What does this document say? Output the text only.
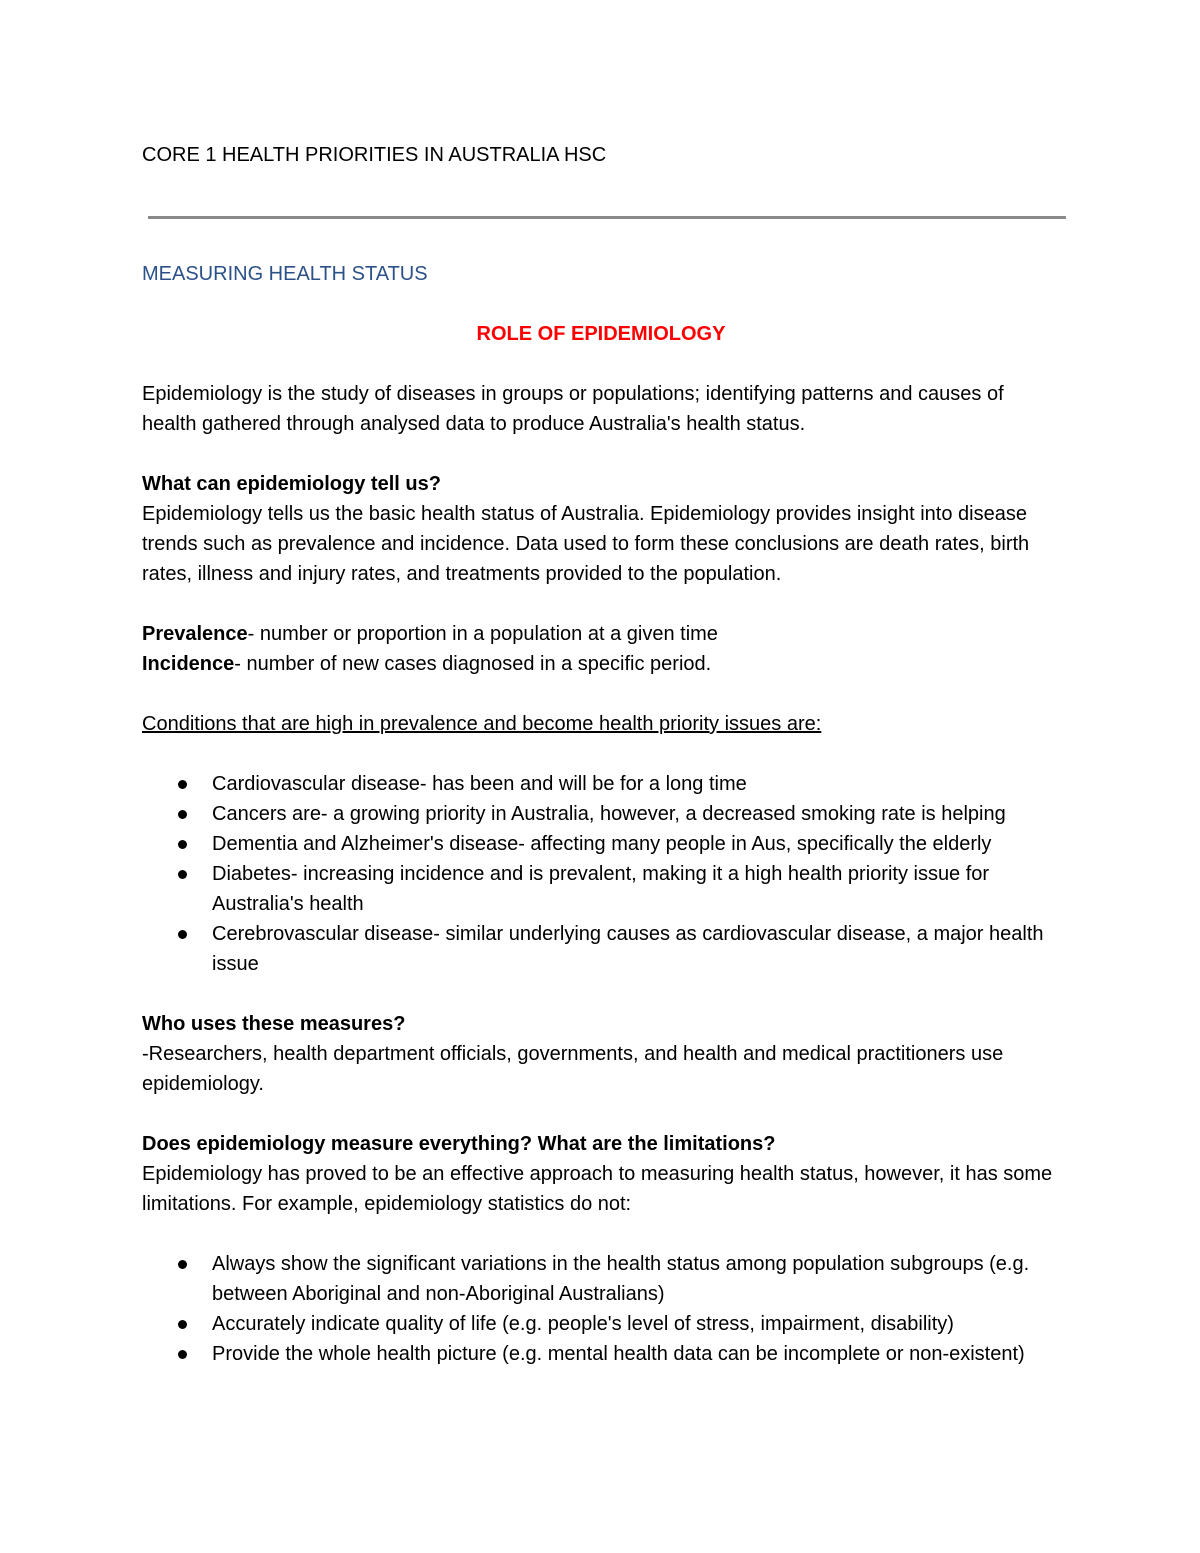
CORE 1 HEALTH PRIORITIES IN AUSTRALIA HSC
MEASURING HEALTH STATUS
ROLE OF EPIDEMIOLOGY

Epidemiology is the study of diseases in groups or populations; identifying patterns and causes of health gathered through analysed data to produce Australia's health status.

What can epidemiology tell us?

Epidemiology tells us the basic health status of Australia. Epidemiology provides insight into disease trends such as prevalence and incidence. Data used to form these conclusions are death rates, birth rates, illness and injury rates, and treatments provided to the population.

Prevalence- number or proportion in a population at a given time

Incidence- number of new cases diagnosed in a specific period.

Conditions that are high in prevalence and become health priority issues are:

Cardiovascular disease- has been and will be for a long time
Cancers are- a growing priority in Australia, however, a decreased smoking rate is helping
Dementia and Alzheimer's disease- affecting many people in Aus, specifically the elderly
Diabetes- increasing incidence and is prevalent, making it a high health priority issue for Australia's health
Cerebrovascular disease- similar underlying causes as cardiovascular disease, a major health issue

Who uses these measures?

-Researchers, health department officials, governments, and health and medical practitioners use epidemiology.

Does epidemiology measure everything? What are the limitations?

Epidemiology has proved to be an effective approach to measuring health status, however, it has some limitations. For example, epidemiology statistics do not:

Always show the significant variations in the health status among population subgroups (e.g. between Aboriginal and non-Aboriginal Australians)
Accurately indicate quality of life (e.g. people's level of stress, impairment, disability)
Provide the whole health picture (e.g. mental health data can be incomplete or non-existent)
